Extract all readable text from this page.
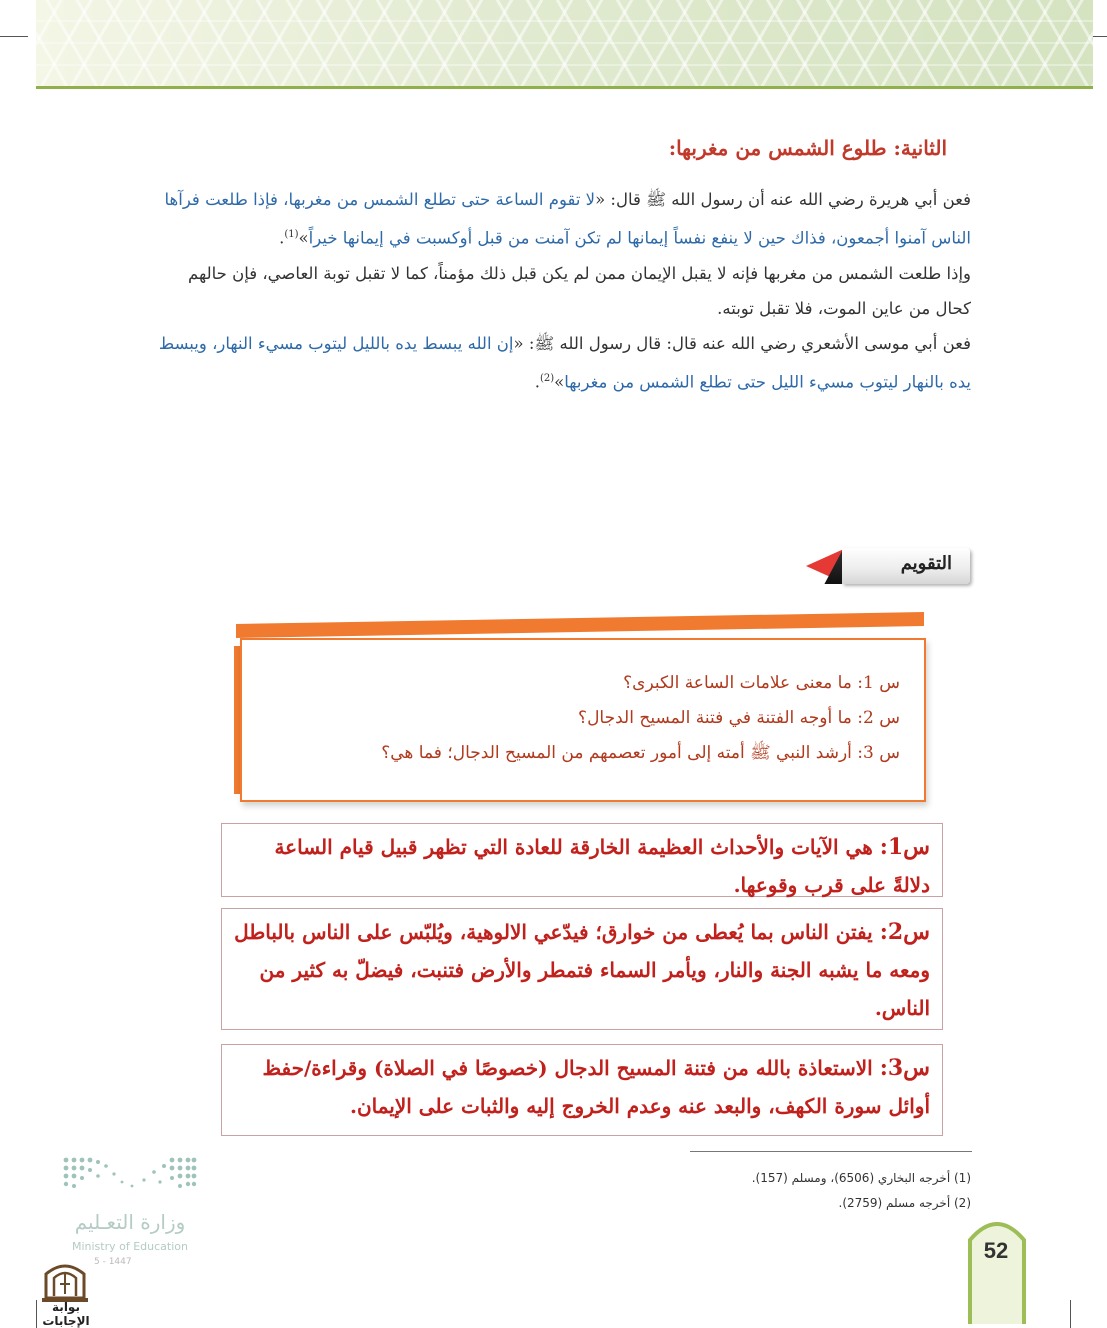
الثانية: طلوع الشمس من مغربها:

فعن أبي هريرة رضي الله عنه أن رسول الله ﷺ قال: «لا تقوم الساعة حتى تطلع الشمس من مغربها، فإذا طلعت فرآها الناس آمنوا أجمعون، فذاك حين لا ينفع نفساً إيمانها لم تكن آمنت من قبل أوكسبت في إيمانها خيراً»$^{(1)}$.

وإذا طلعت الشمس من مغربها فإنه لا يقبل الإيمان ممن لم يكن قبل ذلك مؤمناً، كما لا تقبل توبة العاصي، فإن حالهم كحال من عاين الموت، فلا تقبل توبته.

فعن أبي موسى الأشعري رضي الله عنه قال: قال رسول الله ﷺ: «إن الله يبسط يده بالليل ليتوب مسيء النهار، ويبسط يده بالنهار ليتوب مسيء الليل حتى تطلع الشمس من مغربها»$^{(2)}$.

التقويم
س 1: ما معنى علامات الساعة الكبرى؟
س 2: ما أوجه الفتنة في فتنة المسيح الدجال؟
س 3: أرشد النبي ﷺ أمته إلى أمور تعصمهم من المسيح الدجال؛ فما هي؟

س1: هي الآيات والأحداث العظيمة الخارقة للعادة التي تظهر قبيل قيام الساعة دلالةً على قرب وقوعها.

س2: يفتن الناس بما يُعطى من خوارق؛ فيدّعي الالوهية، ويُلبّس على الناس بالباطل ومعه ما يشبه الجنة والنار، ويأمر السماء فتمطر والأرض فتنبت، فيضلّ به كثير من الناس.

س3: الاستعاذة بالله من فتنة المسيح الدجال (خصوصًا في الصلاة) وقراءة/حفظ أوائل سورة الكهف، والبعد عنه وعدم الخروج إليه والثبات على الإيمان.

(1) أخرجه البخاري (6506)، ومسلم (157).
(2) أخرجه مسلم (2759).
وزارة التعـليم
Ministry of Education
5 - 1447
بوابة الإجابات
52
